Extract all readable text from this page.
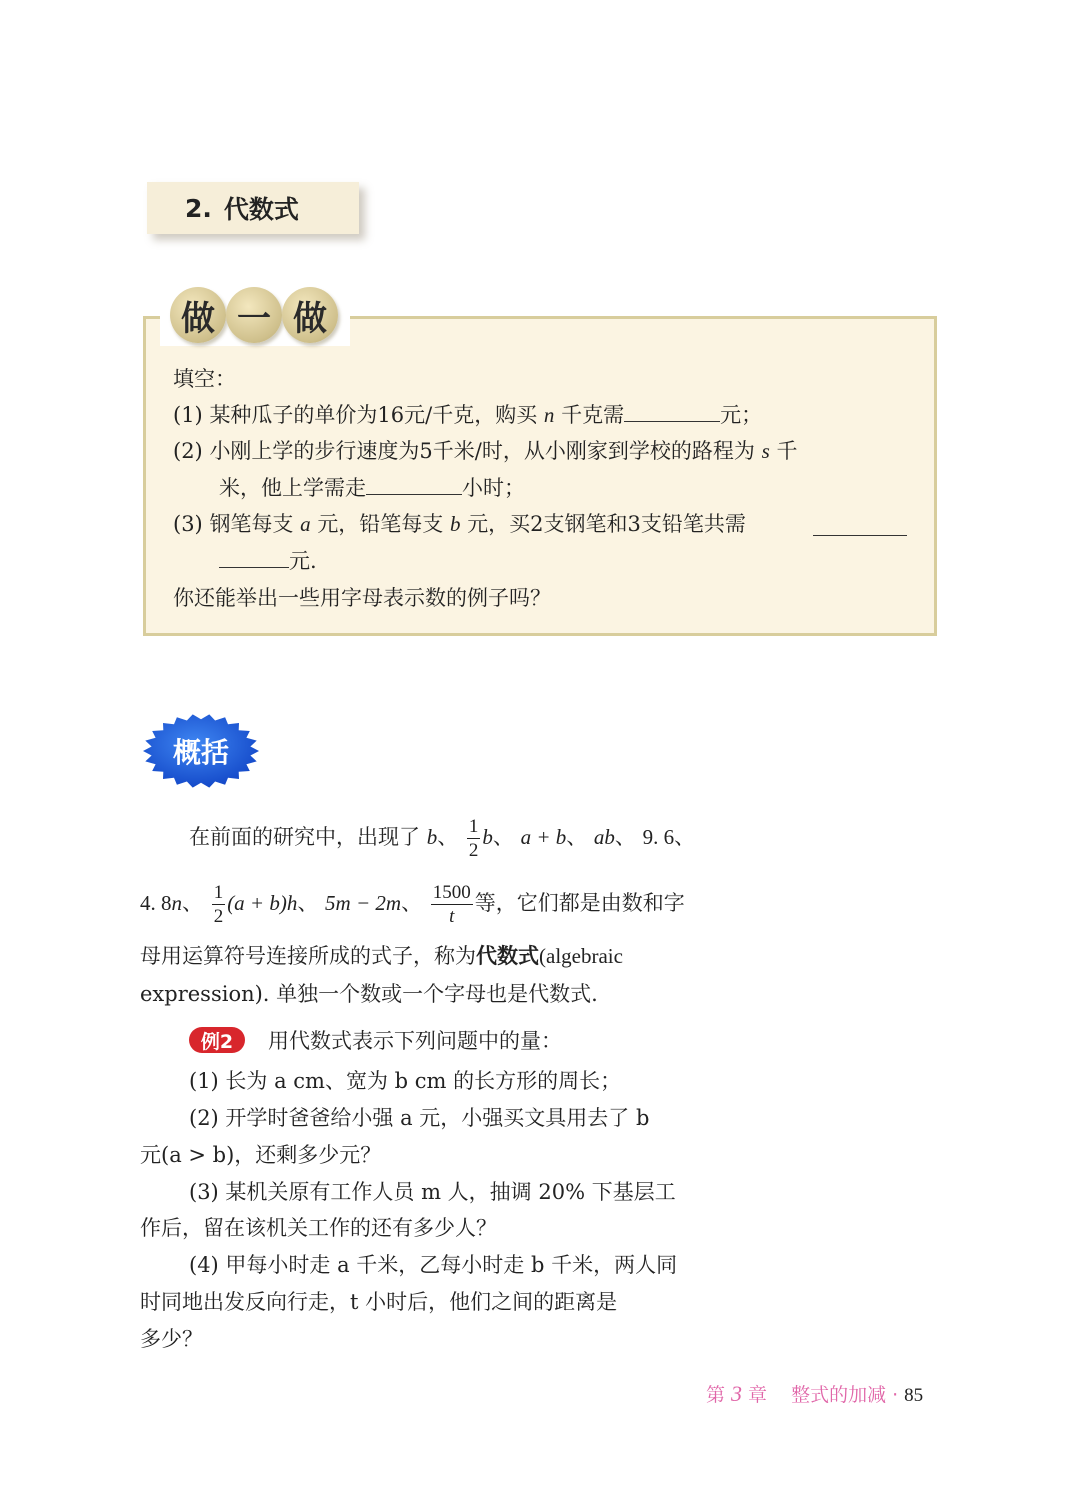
2. 代数式
做 一 做
填空：
(1) 某种瓜子的单价为16元/千克，购买 n 千克需	元；
(2) 小刚上学的步行速度为5千米/时，从小刚家到学校的路程为 s 千
米，他上学需走	小时；
(3) 钢笔每支 a 元，铅笔每支 b 元，买2支钢笔和3支铅笔共需
元.
你还能举出一些用字母表示数的例子吗？
概括
在前面的研究中，出现了 b、 $\frac{1}{2}$ b、 a + b、 ab、 9. 6、
4. 8n、 $\frac{1}{2} (a + b)h$、 5m − 2m、 $\frac{1500}{t}$ 等，它们都是由数和字
母用运算符号连接所成的式子，称为代数式(algebraic
expression). 单独一个数或一个字母也是代数式.
例2	用代数式表示下列问题中的量：
(1) 长为 a cm、宽为 b cm 的长方形的周长；
(2) 开学时爸爸给小强 a 元，小强买文具用去了 b
元(a > b)，还剩多少元？
(3) 某机关原有工作人员 m 人，抽调 20% 下基层工
作后，留在该机关工作的还有多少人？
(4) 甲每小时走 a 千米，乙每小时走 b 千米，两人同
时同地出发反向行走，t 小时后，他们之间的距离是
多少？
第 3 章 整式的加减 · 85
